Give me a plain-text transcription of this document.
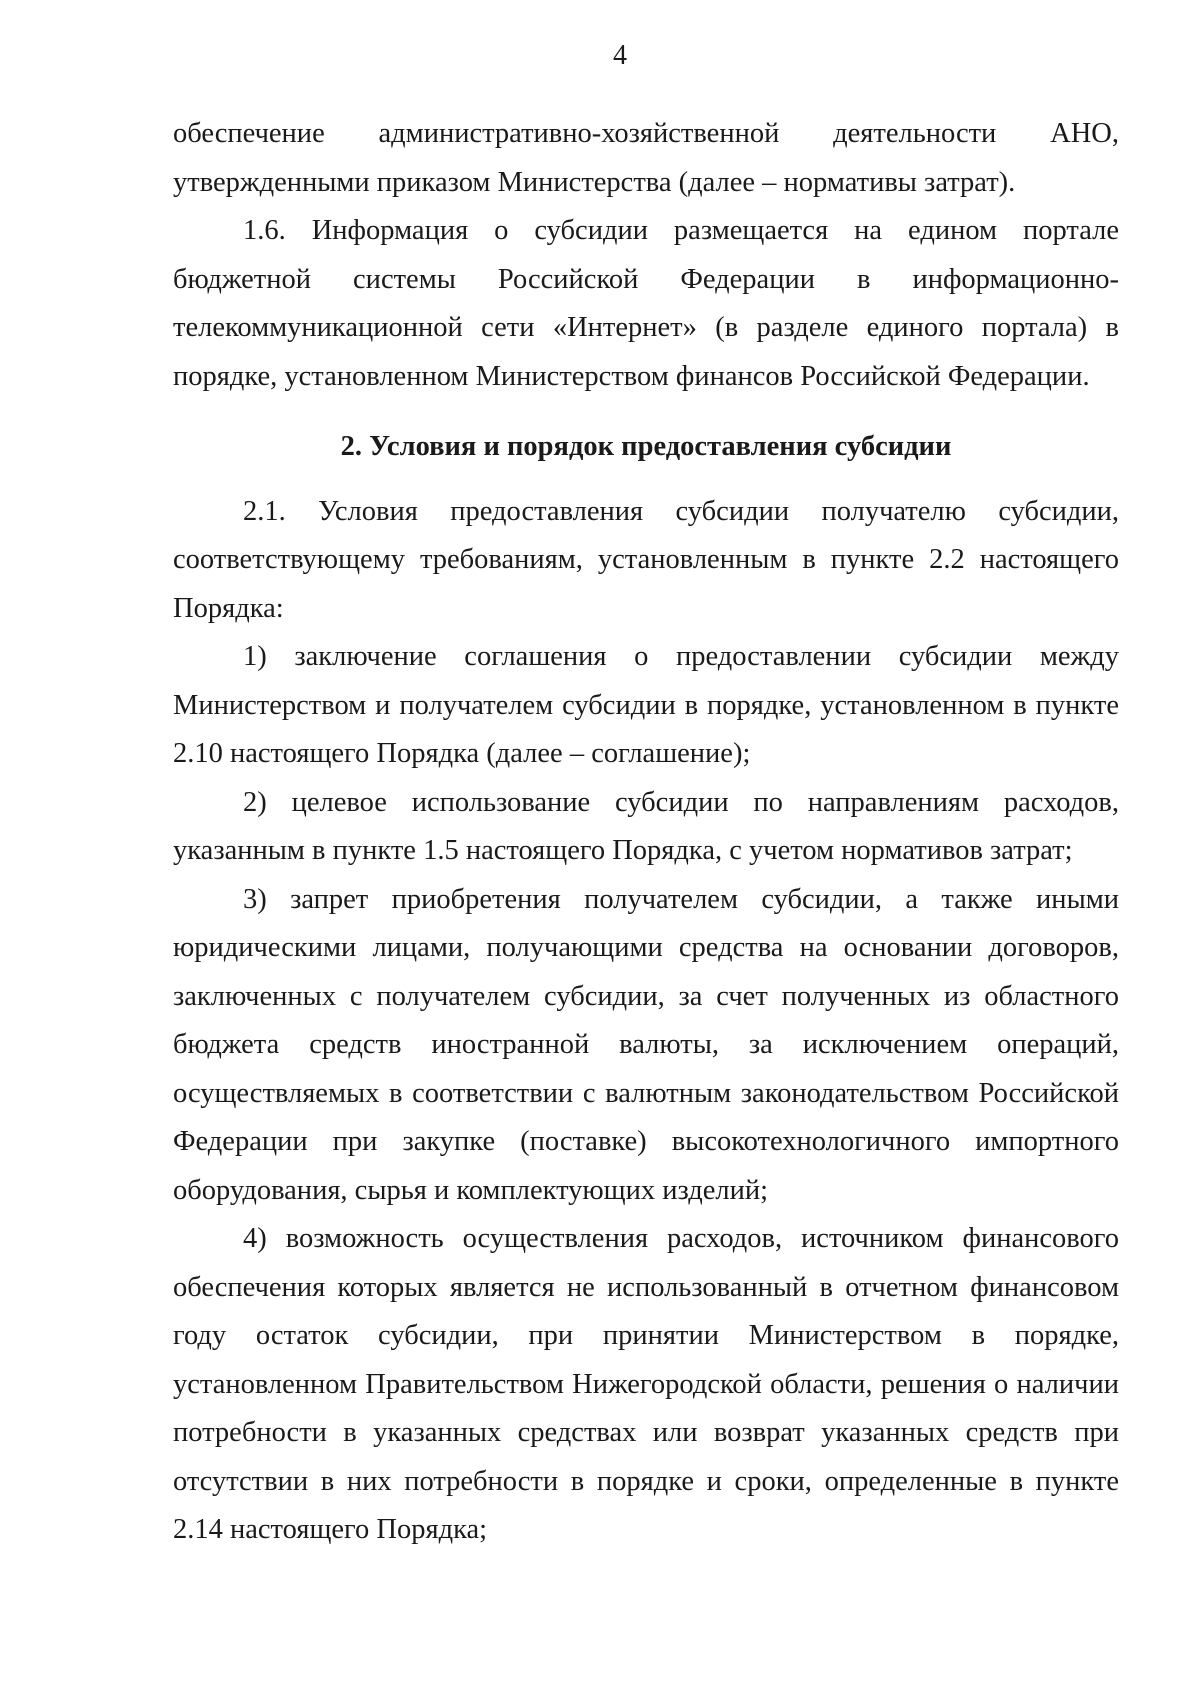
4

обеспечение административно-хозяйственной деятельности АНО, утвержденными приказом Министерства (далее – нормативы затрат).

1.6. Информация о субсидии размещается на едином портале бюджетной системы Российской Федерации в информационно-телекоммуникационной сети «Интернет» (в разделе единого портала) в порядке, установленном Министерством финансов Российской Федерации.

2. Условия и порядок предоставления субсидии

2.1. Условия предоставления субсидии получателю субсидии, соответствующему требованиям, установленным в пункте 2.2 настоящего Порядка:

1) заключение соглашения о предоставлении субсидии между Министерством и получателем субсидии в порядке, установленном в пункте 2.10 настоящего Порядка (далее – соглашение);

2) целевое использование субсидии по направлениям расходов, указанным в пункте 1.5 настоящего Порядка, с учетом нормативов затрат;

3) запрет приобретения получателем субсидии, а также иными юридическими лицами, получающими средства на основании договоров, заключенных с получателем субсидии, за счет полученных из областного бюджета средств иностранной валюты, за исключением операций, осуществляемых в соответствии с валютным законодательством Российской Федерации при закупке (поставке) высокотехнологичного импортного оборудования, сырья и комплектующих изделий;

4) возможность осуществления расходов, источником финансового обеспечения которых является не использованный в отчетном финансовом году остаток субсидии, при принятии Министерством в порядке, установленном Правительством Нижегородской области, решения о наличии потребности в указанных средствах или возврат указанных средств при отсутствии в них потребности в порядке и сроки, определенные в пункте 2.14 настоящего Порядка;
